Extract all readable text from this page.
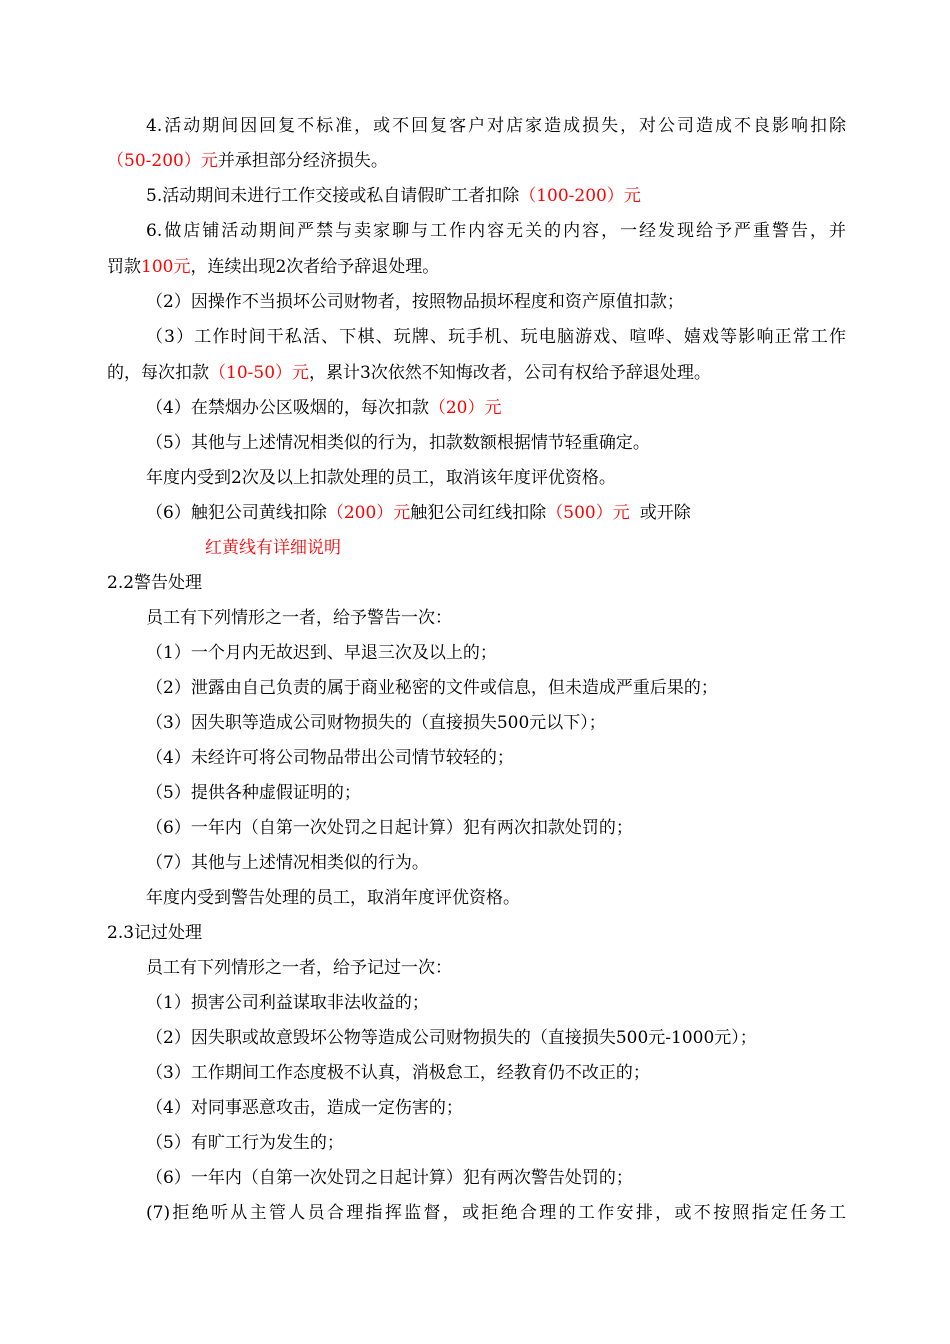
4.活动期间因回复不标准，或不回复客户对店家造成损失，对公司造成不良影响扣除
（50-200）元并承担部分经济损失。
5.活动期间未进行工作交接或私自请假旷工者扣除（100-200）元
6.做店铺活动期间严禁与卖家聊与工作内容无关的内容，一经发现给予严重警告，并
罚款100元，连续出现2次者给予辞退处理。
（2）因操作不当损坏公司财物者，按照物品损坏程度和资产原值扣款；
（3）工作时间干私活、下棋、玩牌、玩手机、玩电脑游戏、喧哗、嬉戏等影响正常工作
的，每次扣款（10-50）元，累计3次依然不知悔改者，公司有权给予辞退处理。
（4）在禁烟办公区吸烟的，每次扣款（20）元
（5）其他与上述情况相类似的行为，扣款数额根据情节轻重确定。
年度内受到2次及以上扣款处理的员工，取消该年度评优资格。
（6）触犯公司黄线扣除（200）元触犯公司红线扣除（500）元 或开除
红黄线有详细说明
2.2警告处理
员工有下列情形之一者，给予警告一次：
（1）一个月内无故迟到、早退三次及以上的；
（2）泄露由自己负责的属于商业秘密的文件或信息，但未造成严重后果的；
（3）因失职等造成公司财物损失的（直接损失500元以下）；
（4）未经许可将公司物品带出公司情节较轻的；
（5）提供各种虚假证明的；
（6）一年内（自第一次处罚之日起计算）犯有两次扣款处罚的；
（7）其他与上述情况相类似的行为。
年度内受到警告处理的员工，取消年度评优资格。
2.3记过处理
员工有下列情形之一者，给予记过一次：
（1）损害公司利益谋取非法收益的；
（2）因失职或故意毁坏公物等造成公司财物损失的（直接损失500元-1000元）；
（3）工作期间工作态度极不认真，消极怠工，经教育仍不改正的；
（4）对同事恶意攻击，造成一定伤害的；
（5）有旷工行为发生的；
（6）一年内（自第一次处罚之日起计算）犯有两次警告处罚的；
(7)拒绝听从主管人员合理指挥监督，或拒绝合理的工作安排，或不按照指定任务工
